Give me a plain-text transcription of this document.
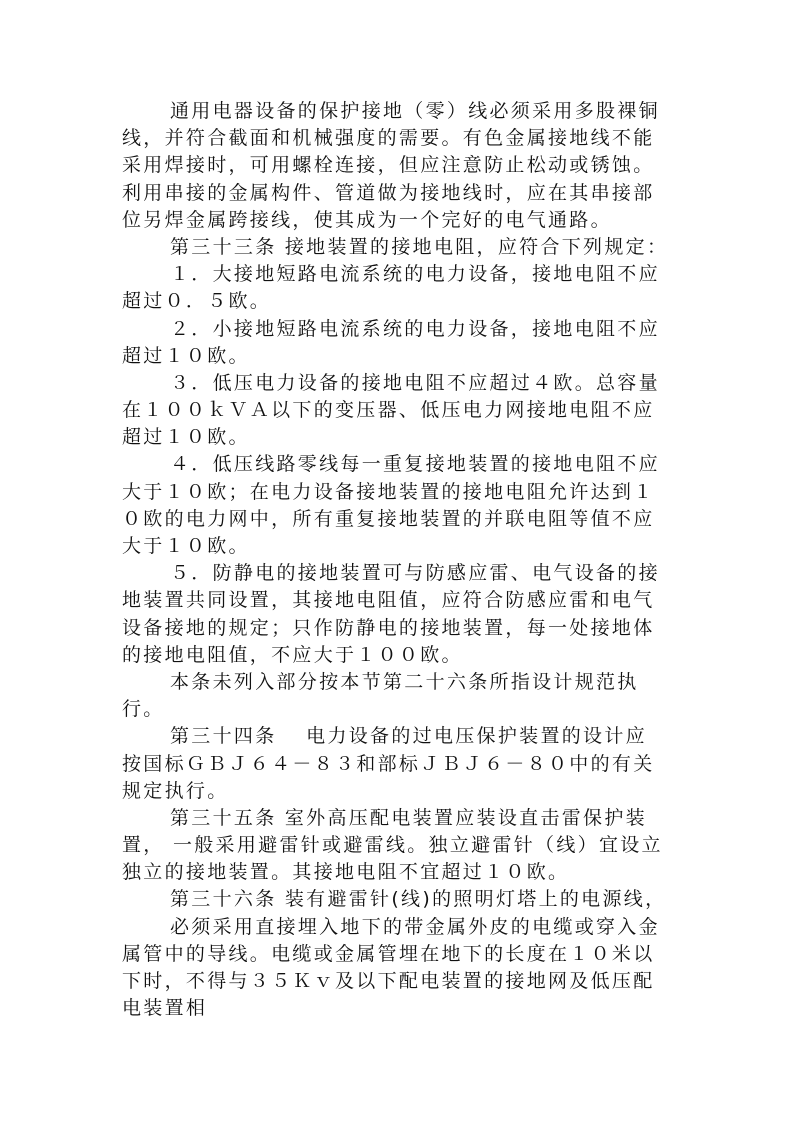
通用电器设备的保护接地（零）线必须采用多股裸铜
线，并符合截面和机械强度的需要。有色金属接地线不能
采用焊接时，可用螺栓连接，但应注意防止松动或锈蚀。
利用串接的金属构件、管道做为接地线时，应在其串接部
位另焊金属跨接线，使其成为一个完好的电气通路。
第三十三条 接地装置的接地电阻，应符合下列规定：
１．大接地短路电流系统的电力设备，接地电阻不应
超过０．５欧。
２．小接地短路电流系统的电力设备，接地电阻不应
超过１０欧。
３．低压电力设备的接地电阻不应超过４欧。总容量
在１００ｋＶＡ以下的变压器、低压电力网接地电阻不应
超过１０欧。
４．低压线路零线每一重复接地装置的接地电阻不应
大于１０欧；在电力设备接地装置的接地电阻允许达到１
０欧的电力网中，所有重复接地装置的并联电阻等值不应
大于１０欧。
５．防静电的接地装置可与防感应雷、电气设备的接
地装置共同设置，其接地电阻值，应符合防感应雷和电气
设备接地的规定；只作防静电的接地装置，每一处接地体
的接地电阻值，不应大于１００欧。
本条未列入部分按本节第二十六条所指设计规范执
行。
第三十四条　 电力设备的过电压保护装置的设计应
按国标ＧＢＪ６４－８３和部标ＪＢＪ６－８０中的有关
规定执行。
第三十五条 室外高压配电装置应装设直击雷保护装
置， 一般采用避雷针或避雷线。独立避雷针（线）宜设立
独立的接地装置。其接地电阻不宜超过１０欧。
第三十六条 装有避雷针(线)的照明灯塔上的电源线，
必须采用直接埋入地下的带金属外皮的电缆或穿入金
属管中的导线。电缆或金属管埋在地下的长度在１０米以
下时，不得与３５Ｋｖ及以下配电装置的接地网及低压配
电装置相
